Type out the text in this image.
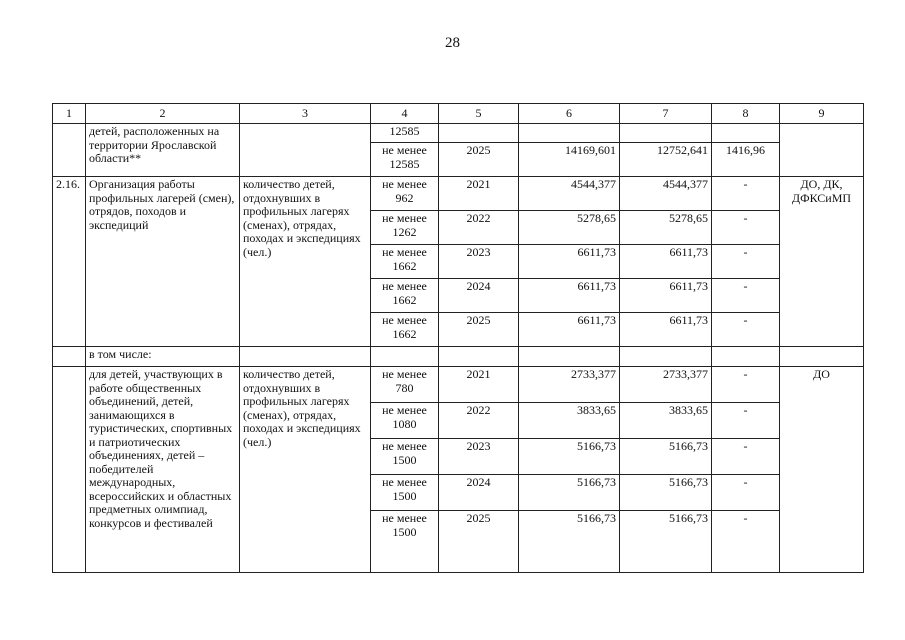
28
1	2	3	4	5	6	7	8	9
	детей, расположенных на территории Ярославской области**		12585					
			не менее 12585	2025	14169,601	12752,641	1416,96	
2.16.	Организация работы профильных лагерей (смен), отрядов, походов и экспедиций	количество детей, отдохнувших в профильных лагерях (сменах), отрядах, походах и экспедициях (чел.)	не менее 962	2021	4544,377	4544,377	-	ДО, ДК, ДФКСиМП
			не менее 1262	2022	5278,65	5278,65	-	
			не менее 1662	2023	6611,73	6611,73	-	
			не менее 1662	2024	6611,73	6611,73	-	
			не менее 1662	2025	6611,73	6611,73	-	
	в том числе:							
	для детей, участвующих в работе общественных объединений, детей, занимающихся в туристических, спортивных и патриотических объединениях, детей – победителей международных, всероссийских и областных предметных олимпиад, конкурсов и фестивалей	количество детей, отдохнувших в профильных лагерях (сменах), отрядах, походах и экспедициях (чел.)	не менее 780	2021	2733,377	2733,377	-	ДО
			не менее 1080	2022	3833,65	3833,65	-	
			не менее 1500	2023	5166,73	5166,73	-	
			не менее 1500	2024	5166,73	5166,73	-	
			не менее 1500	2025	5166,73	5166,73	-	
